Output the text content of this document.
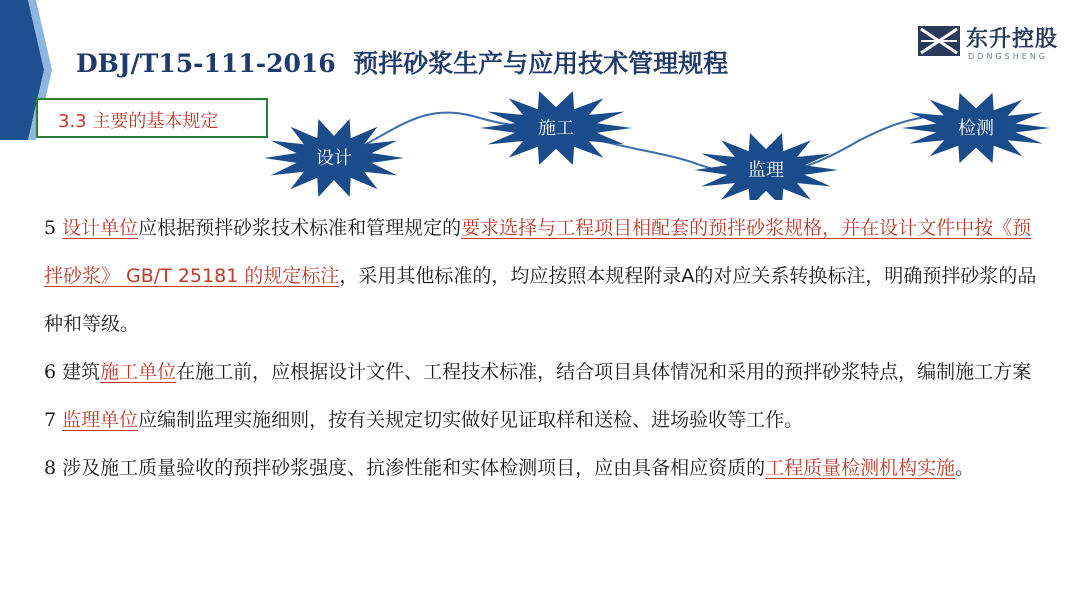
DBJ/T15-111-2016 预拌砂浆生产与应用技术管理规程
东升控股
DONGSHENG
设计
施工
监理
检测
3.3 主要的基本规定

5 设计单位应根据预拌砂浆技术标准和管理规定的要求选择与工程项目相配套的预拌砂浆规格，并在设计文件中按《预拌砂浆》 GB/T 25181 的规定标注，采用其他标准的，均应按照本规程附录A的对应关系转换标注，明确预拌砂浆的品种和等级。

6 建筑施工单位在施工前，应根据设计文件、工程技术标准，结合项目具体情况和采用的预拌砂浆特点，编制施工方案

7 监理单位应编制监理实施细则，按有关规定切实做好见证取样和送检、进场验收等工作。

8 涉及施工质量验收的预拌砂浆强度、抗渗性能和实体检测项目，应由具备相应资质的工程质量检测机构实施。
